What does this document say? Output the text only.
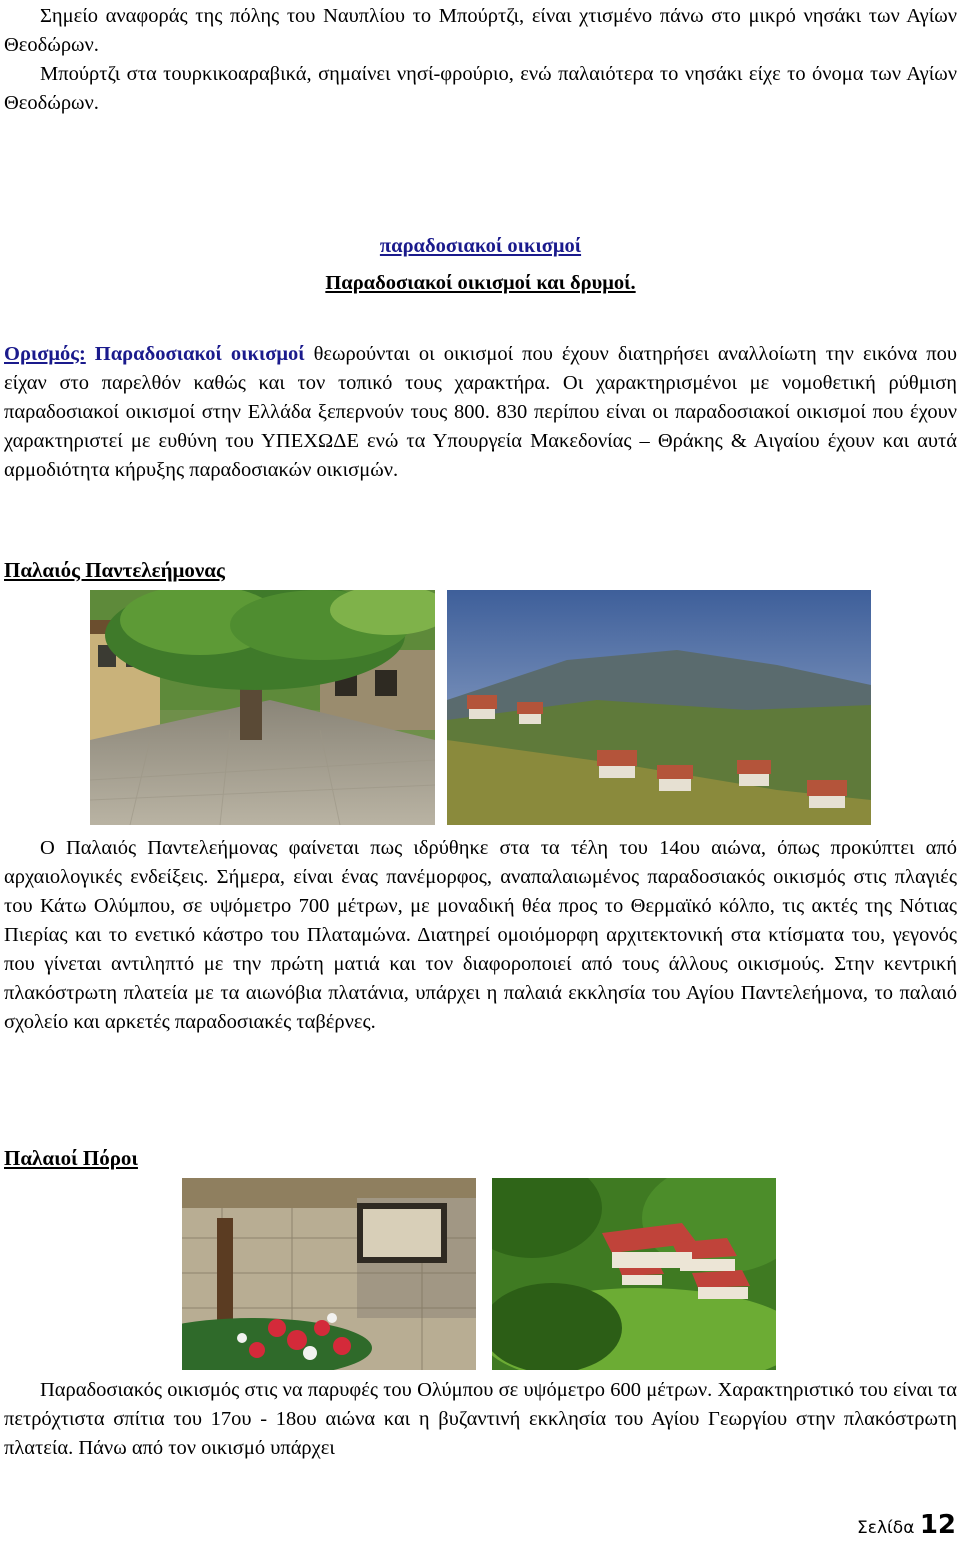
Σημείο αναφοράς της πόλης του Ναυπλίου το Μπούρτζι, είναι χτισμένο πάνω στο μικρό νησάκι των Αγίων Θεοδώρων.

Μπούρτζι στα τουρκικοαραβικά, σημαίνει νησί-φρούριο, ενώ παλαιότερα το νησάκι είχε το όνομα των Αγίων Θεοδώρων.

παραδοσιακοί οικισμοί
Παραδοσιακοί οικισμοί και δρυμοί.

Ορισμός: Παραδοσιακοί οικισμοί θεωρούνται οι οικισμοί που έχουν διατηρήσει αναλλοίωτη την εικόνα που είχαν στο παρελθόν καθώς και τον τοπικό τους χαρακτήρα. Οι χαρακτηρισμένοι με νομοθετική ρύθμιση παραδοσιακοί οικισμοί στην Ελλάδα ξεπερνούν τους 800. 830 περίπου είναι οι παραδοσιακοί οικισμοί που έχουν χαρακτηριστεί με ευθύνη του ΥΠΕΧΩΔΕ ενώ τα Υπουργεία Μακεδονίας – Θράκης & Αιγαίου έχουν και αυτά αρμοδιότητα κήρυξης παραδοσιακών οικισμών.

Παλαιός Παντελεήμονας

Ο Παλαιός Παντελεήμονας φαίνεται πως ιδρύθηκε στα τα τέλη του 14ου αιώνα, όπως προκύπτει από αρχαιολογικές ενδείξεις. Σήμερα, είναι ένας πανέμορφος, αναπαλαιωμένος παραδοσιακός οικισμός στις πλαγιές του Κάτω Ολύμπου, σε υψόμετρο 700 μέτρων, με μοναδική θέα προς το Θερμαϊκό κόλπο, τις ακτές της Νότιας Πιερίας και το ενετικό κάστρο του Πλαταμώνα. Διατηρεί ομοιόμορφη αρχιτεκτονική στα κτίσματα του, γεγονός που γίνεται αντιληπτό με την πρώτη ματιά και τον διαφοροποιεί από τους άλλους οικισμούς. Στην κεντρική πλακόστρωτη πλατεία με τα αιωνόβια πλατάνια, υπάρχει η παλαιά εκκλησία του Αγίου Παντελεήμονα, το παλαιό σχολείο και αρκετές παραδοσιακές ταβέρνες.

Παλαιοί Πόροι

Παραδοσιακός οικισμός στις να παρυφές του Ολύμπου σε υψόμετρο 600 μέτρων. Χαρακτηριστικό του είναι τα πετρόχτιστα σπίτια του 17ου - 18ου αιώνα και η βυζαντινή εκκλησία του Αγίου Γεωργίου στην πλακόστρωτη πλατεία. Πάνω από τον οικισμό υπάρχει

Σελίδα 12
